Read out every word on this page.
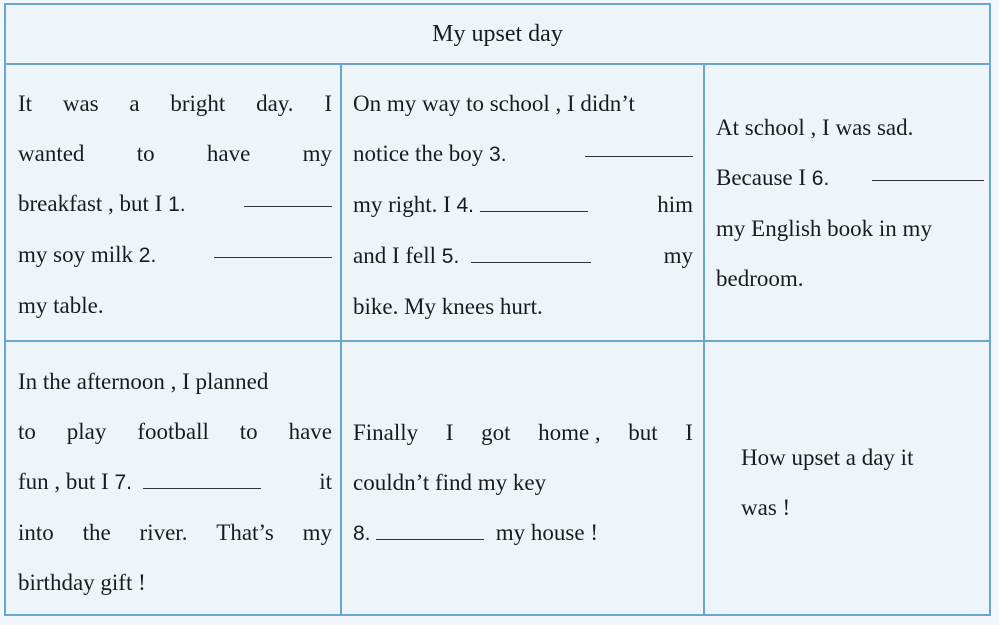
My upset day
It was a bright day. I
wanted to have my
breakfast , but I 1.
my soy milk 2.
my table.
On my way to school , I didn’t
notice the boy 3.
my right. I 4.	him
and I fell 5.	my
bike. My knees hurt.
At school , I was sad.
Because I 6.
my English book in my
bedroom.
In the afternoon , I planned
to play football to have
fun , but I 7.	it
into the river. That’s my
birthday gift !
Finally I got home , but I
couldn’t find my key
8.	my house !
How upset a day it
was !
